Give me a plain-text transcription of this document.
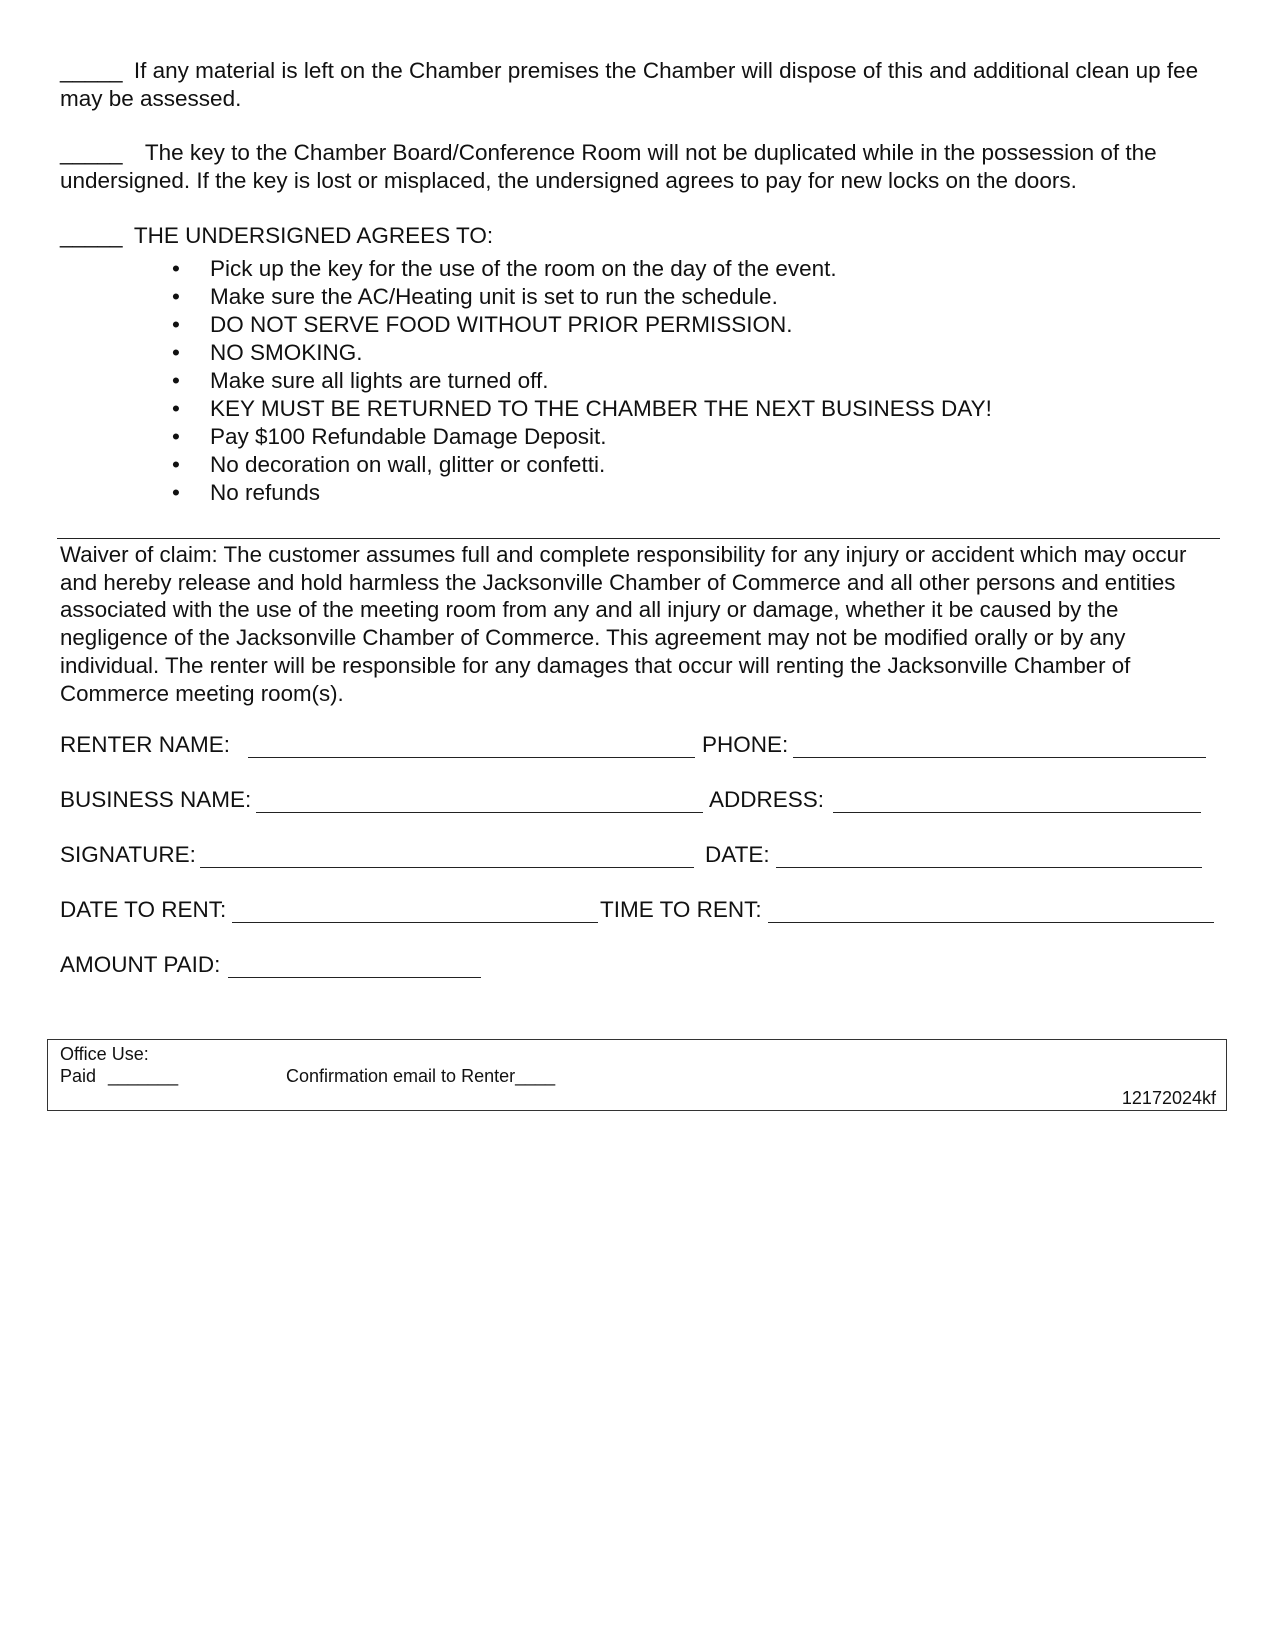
_____ If any material is left on the Chamber premises the Chamber will dispose of this and additional clean up fee may be assessed.
_____ The key to the Chamber Board/Conference Room will not be duplicated while in the possession of the undersigned. If the key is lost or misplaced, the undersigned agrees to pay for new locks on the doors.
_____ THE UNDERSIGNED AGREES TO:
• Pick up the key for the use of the room on the day of the event.
• Make sure the AC/Heating unit is set to run the schedule.
• DO NOT SERVE FOOD WITHOUT PRIOR PERMISSION.
• NO SMOKING.
• Make sure all lights are turned off.
• KEY MUST BE RETURNED TO THE CHAMBER THE NEXT BUSINESS DAY!
• Pay $100 Refundable Damage Deposit.
• No decoration on wall, glitter or confetti.
• No refunds
Waiver of claim: The customer assumes full and complete responsibility for any injury or accident which may occur and hereby release and hold harmless the Jacksonville Chamber of Commerce and all other persons and entities associated with the use of the meeting room from any and all injury or damage, whether it be caused by the negligence of the Jacksonville Chamber of Commerce. This agreement may not be modified orally or by any individual. The renter will be responsible for any damages that occur will renting the Jacksonville Chamber of Commerce meeting room(s).
RENTER NAME:	PHONE:
BUSINESS NAME:	ADDRESS:
SIGNATURE:	DATE:
DATE TO RENT:	TIME TO RENT:
AMOUNT PAID:
Office Use:
Paid _______	Confirmation email to Renter____
12172024kf
